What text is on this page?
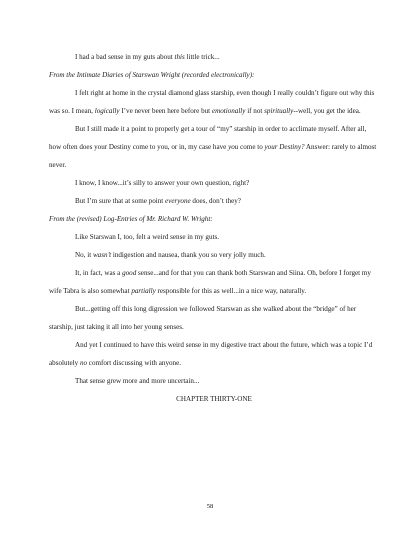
I had a bad sense in my guts about this little trick...

From the Intimate Diaries of Starswan Wright (recorded electronically):

I felt right at home in the crystal diamond glass starship, even though I really couldn’t figure out why this was so. I mean, logically I’ve never been here before but emotionally if not spiritually--well, you get the idea.

But I still made it a point to properly get a tour of “my” starship in order to acclimate myself. After all, how often does your Destiny come to you, or in, my case have you come to your Destiny? Answer: rarely to almost never.

I know, I know...it’s silly to answer your own question, right?

But I’m sure that at some point everyone does, don’t they?

From the (revised) Log-Entries of Mr. Richard W. Wright:

Like Starswan I, too, felt a weird sense in my guts.

No, it wasn’t indigestion and nausea, thank you so very jolly much.

It, in fact, was a good sense...and for that you can thank both Starswan and Siina. Oh, before I forget my wife Tabra is also somewhat partially responsible for this as well...in a nice way, naturally.

But...getting off this long digression we followed Starswan as she walked about the “bridge” of her starship, just taking it all into her young senses.

And yet I continued to have this weird sense in my digestive tract about the future, which was a topic I’d absolutely no comfort discussing with anyone.

That sense grew more and more uncertain...

CHAPTER THIRTY-ONE

58
